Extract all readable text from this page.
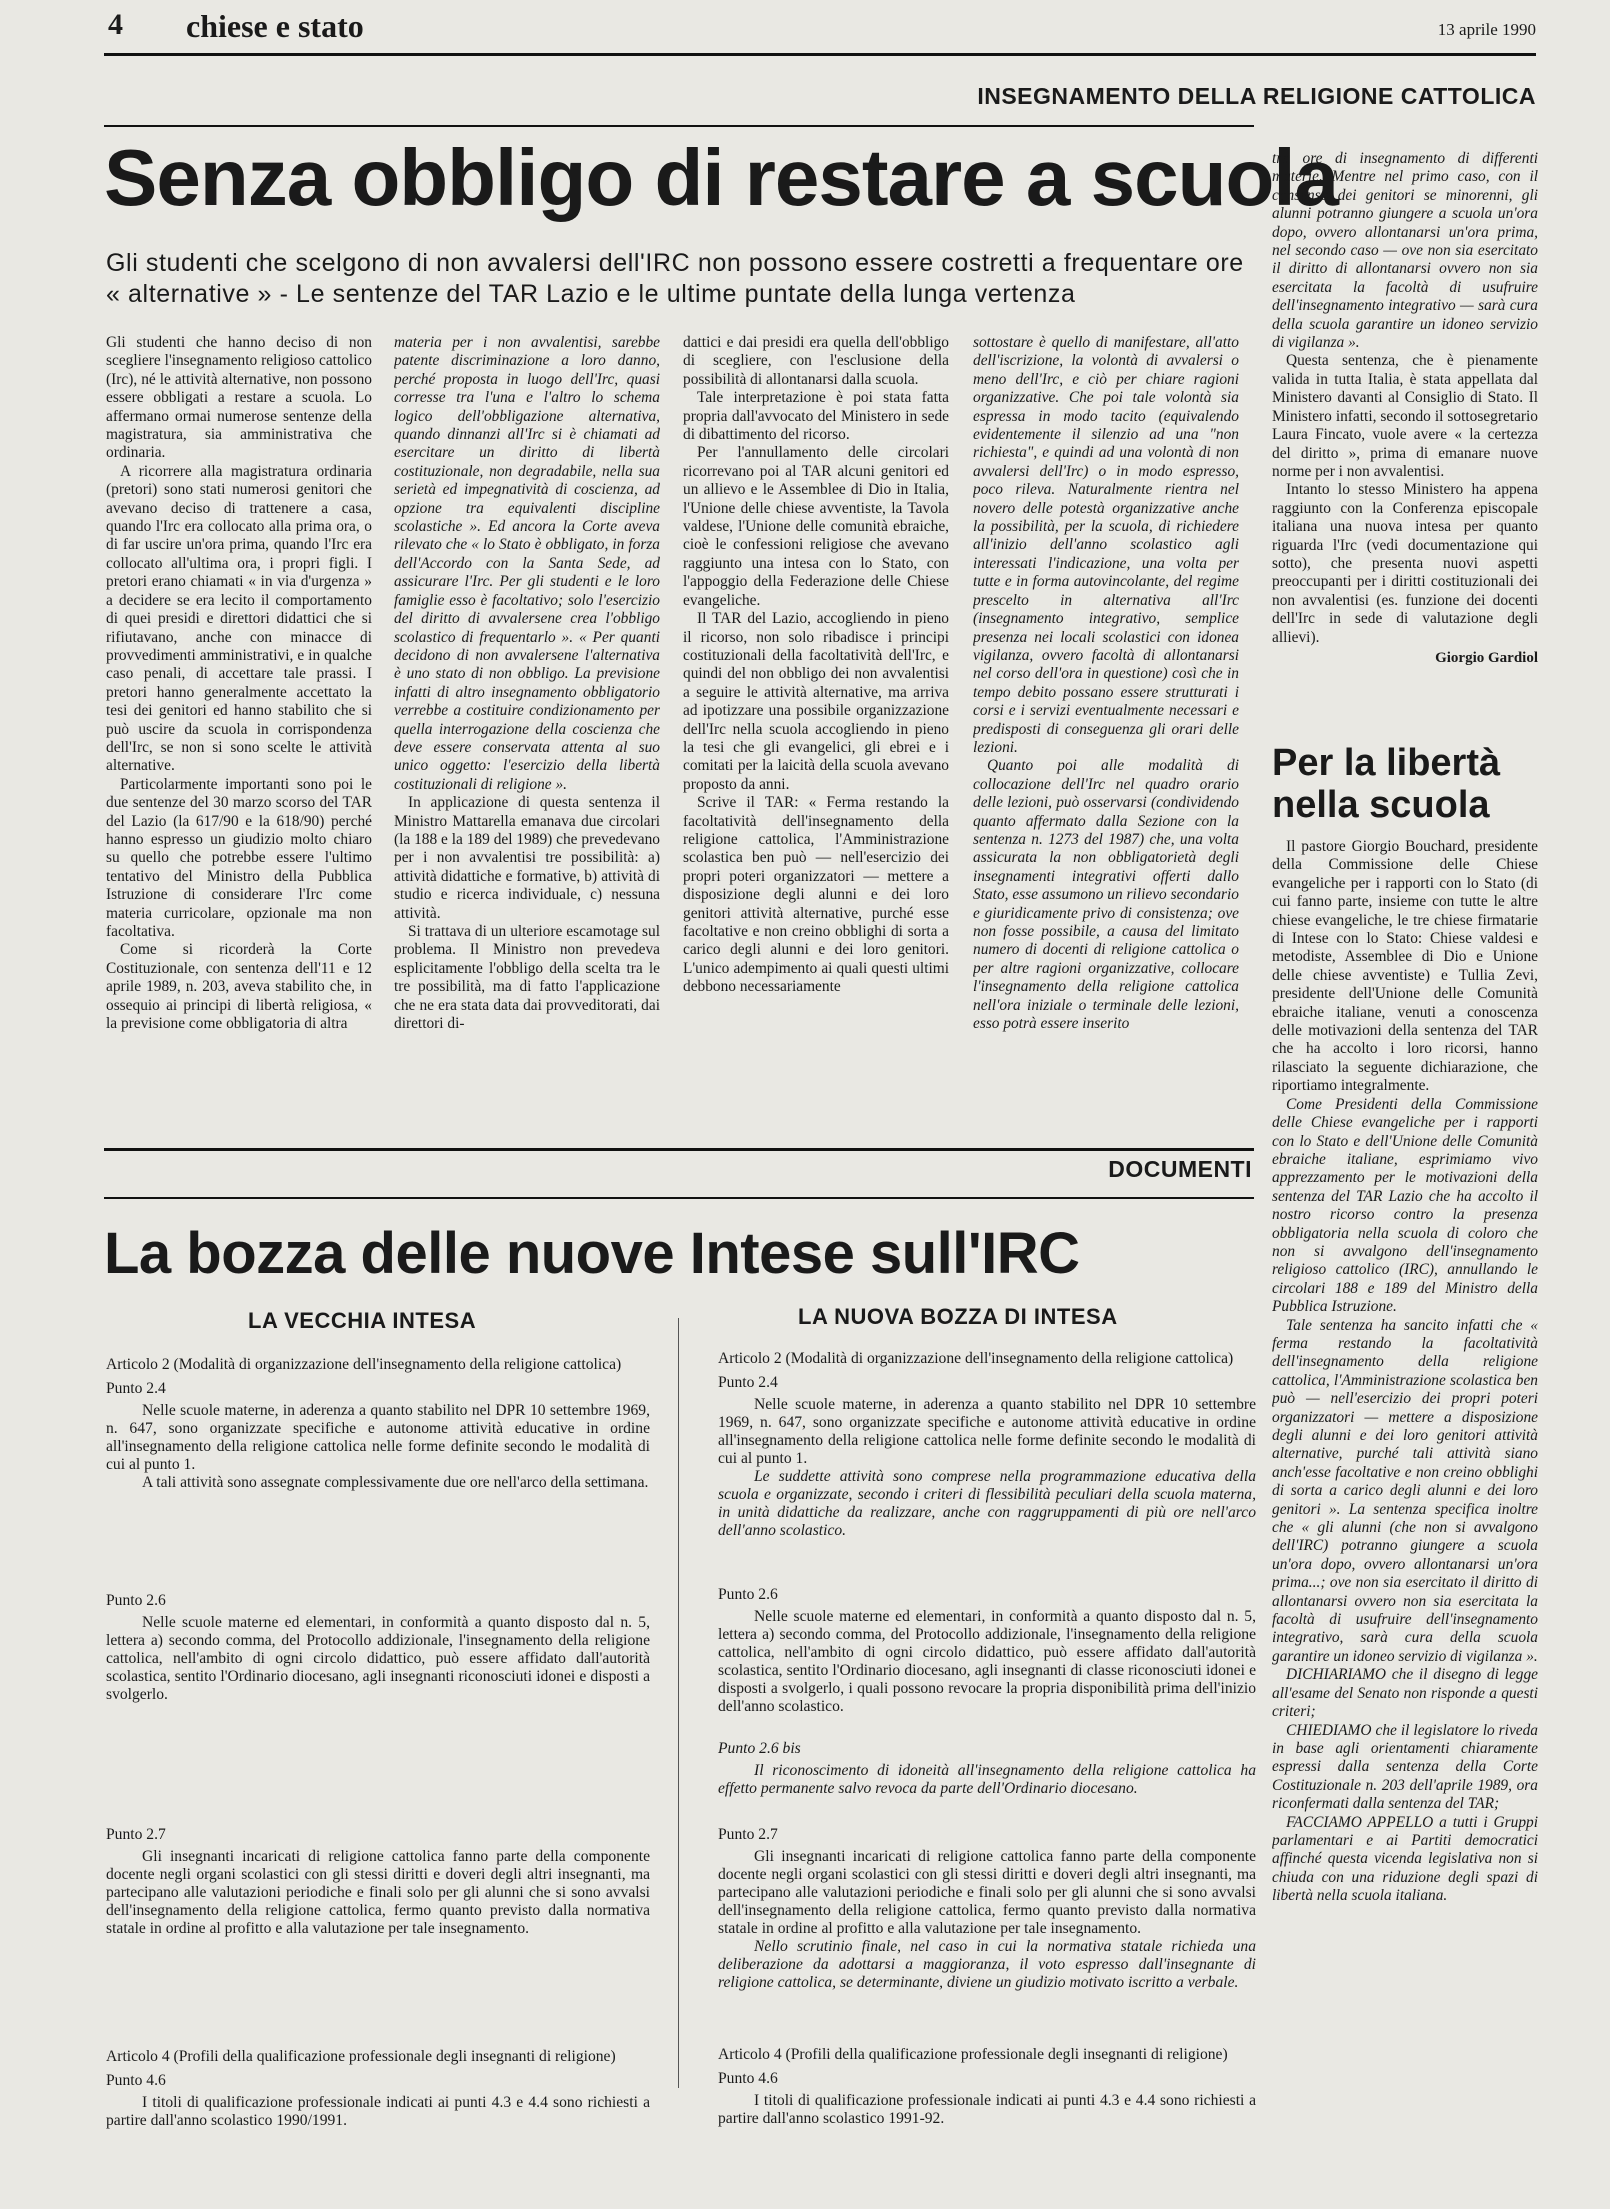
4 chiese e stato	13 aprile 1990
INSEGNAMENTO DELLA RELIGIONE CATTOLICA
Senza obbligo di restare a scuola
Gli studenti che scelgono di non avvalersi dell'IRC non possono essere costretti a frequentare ore « alternative » - Le sentenze del TAR Lazio e le ultime puntate della lunga vertenza

Gli studenti che hanno deciso di non scegliere l'insegnamento religioso cattolico (Irc), né le attività alternative, non possono essere obbligati a restare a scuola. Lo affermano ormai numerose sentenze della magistratura, sia amministrativa che ordinaria.

A ricorrere alla magistratura ordinaria (pretori) sono stati numerosi genitori che avevano deciso di trattenere a casa, quando l'Irc era collocato alla prima ora, o di far uscire un'ora prima, quando l'Irc era collocato all'ultima ora, i propri figli. I pretori erano chiamati « in via d'urgenza » a decidere se era lecito il comportamento di quei presidi e direttori didattici che si rifiutavano, anche con minacce di provvedimenti amministrativi, e in qualche caso penali, di accettare tale prassi. I pretori hanno generalmente accettato la tesi dei genitori ed hanno stabilito che si può uscire da scuola in corrispondenza dell'Irc, se non si sono scelte le attività alternative.

Particolarmente importanti sono poi le due sentenze del 30 marzo scorso del TAR del Lazio (la 617/90 e la 618/90) perché hanno espresso un giudizio molto chiaro su quello che potrebbe essere l'ultimo tentativo del Ministro della Pubblica Istruzione di considerare l'Irc come materia curricolare, opzionale ma non facoltativa.

Come si ricorderà la Corte Costituzionale, con sentenza dell'11 e 12 aprile 1989, n. 203, aveva stabilito che, in ossequio ai principi di libertà religiosa, « la previsione come obbligatoria di altra

materia per i non avvalentisi, sarebbe patente discriminazione a loro danno, perché proposta in luogo dell'Irc, quasi corresse tra l'una e l'altro lo schema logico dell'obbligazione alternativa, quando dinnanzi all'Irc si è chiamati ad esercitare un diritto di libertà costituzionale, non degradabile, nella sua serietà ed impegnatività di coscienza, ad opzione tra equivalenti discipline scolastiche ». Ed ancora la Corte aveva rilevato che « lo Stato è obbligato, in forza dell'Accordo con la Santa Sede, ad assicurare l'Irc. Per gli studenti e le loro famiglie esso è facoltativo; solo l'esercizio del diritto di avvalersene crea l'obbligo scolastico di frequentarlo ». « Per quanti decidono di non avvalersene l'alternativa è uno stato di non obbligo. La previsione infatti di altro insegnamento obbligatorio verrebbe a costituire condizionamento per quella interrogazione della coscienza che deve essere conservata attenta al suo unico oggetto: l'esercizio della libertà costituzionali di religione ».

In applicazione di questa sentenza il Ministro Mattarella emanava due circolari (la 188 e la 189 del 1989) che prevedevano per i non avvalentisi tre possibilità: a) attività didattiche e formative, b) attività di studio e ricerca individuale, c) nessuna attività.

Si trattava di un ulteriore escamotage sul problema. Il Ministro non prevedeva esplicitamente l'obbligo della scelta tra le tre possibilità, ma di fatto l'applicazione che ne era stata data dai provveditorati, dai direttori di-

dattici e dai presidi era quella dell'obbligo di scegliere, con l'esclusione della possibilità di allontanarsi dalla scuola.

Tale interpretazione è poi stata fatta propria dall'avvocato del Ministero in sede di dibattimento del ricorso.

Per l'annullamento delle circolari ricorrevano poi al TAR alcuni genitori ed un allievo e le Assemblee di Dio in Italia, l'Unione delle chiese avventiste, la Tavola valdese, l'Unione delle comunità ebraiche, cioè le confessioni religiose che avevano raggiunto una intesa con lo Stato, con l'appoggio della Federazione delle Chiese evangeliche.

Il TAR del Lazio, accogliendo in pieno il ricorso, non solo ribadisce i principi costituzionali della facoltatività dell'Irc, e quindi del non obbligo dei non avvalentisi a seguire le attività alternative, ma arriva ad ipotizzare una possibile organizzazione dell'Irc nella scuola accogliendo in pieno la tesi che gli evangelici, gli ebrei e i comitati per la laicità della scuola avevano proposto da anni.

Scrive il TAR: « Ferma restando la facoltatività dell'insegnamento della religione cattolica, l'Amministrazione scolastica ben può — nell'esercizio dei propri poteri organizzatori — mettere a disposizione degli alunni e dei loro genitori attività alternative, purché esse facoltative e non creino obblighi di sorta a carico degli alunni e dei loro genitori. L'unico adempimento ai quali questi ultimi debbono necessariamente

sottostare è quello di manifestare, all'atto dell'iscrizione, la volontà di avvalersi o meno dell'Irc, e ciò per chiare ragioni organizzative. Che poi tale volontà sia espressa in modo tacito (equivalendo evidentemente il silenzio ad una "non richiesta", e quindi ad una volontà di non avvalersi dell'Irc) o in modo espresso, poco rileva. Naturalmente rientra nel novero delle potestà organizzative anche la possibilità, per la scuola, di richiedere all'inizio dell'anno scolastico agli interessati l'indicazione, una volta per tutte e in forma autovincolante, del regime prescelto in alternativa all'Irc (insegnamento integrativo, semplice presenza nei locali scolastici con idonea vigilanza, ovvero facoltà di allontanarsi nel corso dell'ora in questione) così che in tempo debito possano essere strutturati i corsi e i servizi eventualmente necessari e predisposti di conseguenza gli orari delle lezioni.

Quanto poi alle modalità di collocazione dell'Irc nel quadro orario delle lezioni, può osservarsi (condividendo quanto affermato dalla Sezione con la sentenza n. 1273 del 1987) che, una volta assicurata la non obbligatorietà degli insegnamenti integrativi offerti dallo Stato, esse assumono un rilievo secondario e giuridicamente privo di consistenza; ove non fosse possibile, a causa del limitato numero di docenti di religione cattolica o per altre ragioni organizzative, collocare l'insegnamento della religione cattolica nell'ora iniziale o terminale delle lezioni, esso potrà essere inserito

tra ore di insegnamento di differenti materie. Mentre nel primo caso, con il consenso dei genitori se minorenni, gli alunni potranno giungere a scuola un'ora dopo, ovvero allontanarsi un'ora prima, nel secondo caso — ove non sia esercitato il diritto di allontanarsi ovvero non sia esercitata la facoltà di usufruire dell'insegnamento integrativo — sarà cura della scuola garantire un idoneo servizio di vigilanza ».

Questa sentenza, che è pienamente valida in tutta Italia, è stata appellata dal Ministero davanti al Consiglio di Stato. Il Ministero infatti, secondo il sottosegretario Laura Fincato, vuole avere « la certezza del diritto », prima di emanare nuove norme per i non avvalentisi.

Intanto lo stesso Ministero ha appena raggiunto con la Conferenza episcopale italiana una nuova intesa per quanto riguarda l'Irc (vedi documentazione qui sotto), che presenta nuovi aspetti preoccupanti per i diritti costituzionali dei non avvalentisi (es. funzione dei docenti dell'Irc in sede di valutazione degli allievi).

Giorgio Gardiol
Per la libertà nella scuola

Il pastore Giorgio Bouchard, presidente della Commissione delle Chiese evangeliche per i rapporti con lo Stato (di cui fanno parte, insieme con tutte le altre chiese evangeliche, le tre chiese firmatarie di Intese con lo Stato: Chiese valdesi e metodiste, Assemblee di Dio e Unione delle chiese avventiste) e Tullia Zevi, presidente dell'Unione delle Comunità ebraiche italiane, venuti a conoscenza delle motivazioni della sentenza del TAR che ha accolto i loro ricorsi, hanno rilasciato la seguente dichiarazione, che riportiamo integralmente.

Come Presidenti della Commissione delle Chiese evangeliche per i rapporti con lo Stato e dell'Unione delle Comunità ebraiche italiane, esprimiamo vivo apprezzamento per le motivazioni della sentenza del TAR Lazio che ha accolto il nostro ricorso contro la presenza obbligatoria nella scuola di coloro che non si avvalgono dell'insegnamento religioso cattolico (IRC), annullando le circolari 188 e 189 del Ministro della Pubblica Istruzione.

Tale sentenza ha sancito infatti che « ferma restando la facoltatività dell'insegnamento della religione cattolica, l'Amministrazione scolastica ben può — nell'esercizio dei propri poteri organizzatori — mettere a disposizione degli alunni e dei loro genitori attività alternative, purché tali attività siano anch'esse facoltative e non creino obblighi di sorta a carico degli alunni e dei loro genitori ». La sentenza specifica inoltre che « gli alunni (che non si avvalgono dell'IRC) potranno giungere a scuola un'ora dopo, ovvero allontanarsi un'ora prima...; ove non sia esercitato il diritto di allontanarsi ovvero non sia esercitata la facoltà di usufruire dell'insegnamento integrativo, sarà cura della scuola garantire un idoneo servizio di vigilanza ».

DICHIARIAMO che il disegno di legge all'esame del Senato non risponde a questi criteri;

CHIEDIAMO che il legislatore lo riveda in base agli orientamenti chiaramente espressi dalla sentenza della Corte Costituzionale n. 203 dell'aprile 1989, ora riconfermati dalla sentenza del TAR;

FACCIAMO APPELLO a tutti i Gruppi parlamentari e ai Partiti democratici affinché questa vicenda legislativa non si chiuda con una riduzione degli spazi di libertà nella scuola italiana.

DOCUMENTI
La bozza delle nuove Intese sull'IRC
LA VECCHIA INTESA	LA NUOVA BOZZA DI INTESA

Articolo 2 (Modalità di organizzazione dell'insegnamento della religione cattolica)

Punto 2.4

Nelle scuole materne, in aderenza a quanto stabilito nel DPR 10 settembre 1969, n. 647, sono organizzate specifiche e autonome attività educative in ordine all'insegnamento della religione cattolica nelle forme definite secondo le modalità di cui al punto 1.

A tali attività sono assegnate complessivamente due ore nell'arco della settimana.

Punto 2.6

Nelle scuole materne ed elementari, in conformità a quanto disposto dal n. 5, lettera a) secondo comma, del Protocollo addizionale, l'insegnamento della religione cattolica, nell'ambito di ogni circolo didattico, può essere affidato dall'autorità scolastica, sentito l'Ordinario diocesano, agli insegnanti riconosciuti idonei e disposti a svolgerlo.

Punto 2.7

Gli insegnanti incaricati di religione cattolica fanno parte della componente docente negli organi scolastici con gli stessi diritti e doveri degli altri insegnanti, ma partecipano alle valutazioni periodiche e finali solo per gli alunni che si sono avvalsi dell'insegnamento della religione cattolica, fermo quanto previsto dalla normativa statale in ordine al profitto e alla valutazione per tale insegnamento.

Articolo 4 (Profili della qualificazione professionale degli insegnanti di religione)

Punto 4.6

I titoli di qualificazione professionale indicati ai punti 4.3 e 4.4 sono richiesti a partire dall'anno scolastico 1990/1991.

Articolo 2 (Modalità di organizzazione dell'insegnamento della religione cattolica)

Punto 2.4

Nelle scuole materne, in aderenza a quanto stabilito nel DPR 10 settembre 1969, n. 647, sono organizzate specifiche e autonome attività educative in ordine all'insegnamento della religione cattolica nelle forme definite secondo le modalità di cui al punto 1.

Le suddette attività sono comprese nella programmazione educativa della scuola e organizzate, secondo i criteri di flessibilità peculiari della scuola materna, in unità didattiche da realizzare, anche con raggruppamenti di più ore nell'arco dell'anno scolastico.

Punto 2.6

Nelle scuole materne ed elementari, in conformità a quanto disposto dal n. 5, lettera a) secondo comma, del Protocollo addizionale, l'insegnamento della religione cattolica, nell'ambito di ogni circolo didattico, può essere affidato dall'autorità scolastica, sentito l'Ordinario diocesano, agli insegnanti di classe riconosciuti idonei e disposti a svolgerlo, i quali possono revocare la propria disponibilità prima dell'inizio dell'anno scolastico.

Punto 2.6 bis

Il riconoscimento di idoneità all'insegnamento della religione cattolica ha effetto permanente salvo revoca da parte dell'Ordinario diocesano.

Punto 2.7

Gli insegnanti incaricati di religione cattolica fanno parte della componente docente negli organi scolastici con gli stessi diritti e doveri degli altri insegnanti, ma partecipano alle valutazioni periodiche e finali solo per gli alunni che si sono avvalsi dell'insegnamento della religione cattolica, fermo quanto previsto dalla normativa statale in ordine al profitto e alla valutazione per tale insegnamento.

Nello scrutinio finale, nel caso in cui la normativa statale richieda una deliberazione da adottarsi a maggioranza, il voto espresso dall'insegnante di religione cattolica, se determinante, diviene un giudizio motivato iscritto a verbale.

Articolo 4 (Profili della qualificazione professionale degli insegnanti di religione)

Punto 4.6

I titoli di qualificazione professionale indicati ai punti 4.3 e 4.4 sono richiesti a partire dall'anno scolastico 1991-92.
